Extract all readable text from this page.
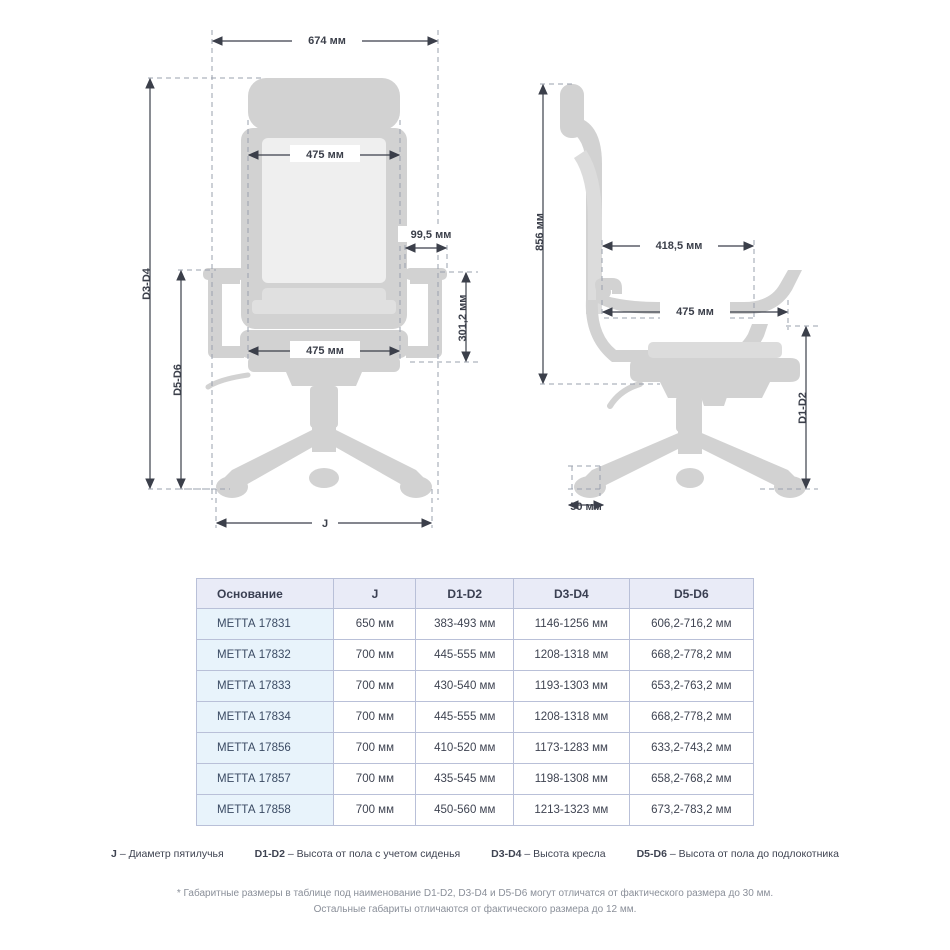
674 мм
475 мм
99,5 мм
475 мм
301,2 мм
D3-D4
D5-D6
J
856 мм	418,5 мм
475 мм
D1-D2
50 мм
Основание	J	D1-D2	D3-D4	D5-D6
МЕТТА 17831	650 мм	383-493 мм	1146-1256 мм	606,2-716,2 мм
МЕТТА 17832	700 мм	445-555 мм	1208-1318 мм	668,2-778,2 мм
МЕТТА 17833	700 мм	430-540 мм	1193-1303 мм	653,2-763,2 мм
МЕТТА 17834	700 мм	445-555 мм	1208-1318 мм	668,2-778,2 мм
МЕТТА 17856	700 мм	410-520 мм	1173-1283 мм	633,2-743,2 мм
МЕТТА 17857	700 мм	435-545 мм	1198-1308 мм	658,2-768,2 мм
МЕТТА 17858	700 мм	450-560 мм	1213-1323 мм	673,2-783,2 мм
J – Диаметр пятилучья	D1-D2 – Высота от пола с учетом сиденья	D3-D4 – Высота кресла	D5-D6 – Высота от пола до подлокотника
* Габаритные размеры в таблице под наименование D1-D2, D3-D4 и D5-D6 могут отличатся от фактического размера до 30 мм.
Остальные габариты отличаются от фактического размера до 12 мм.
